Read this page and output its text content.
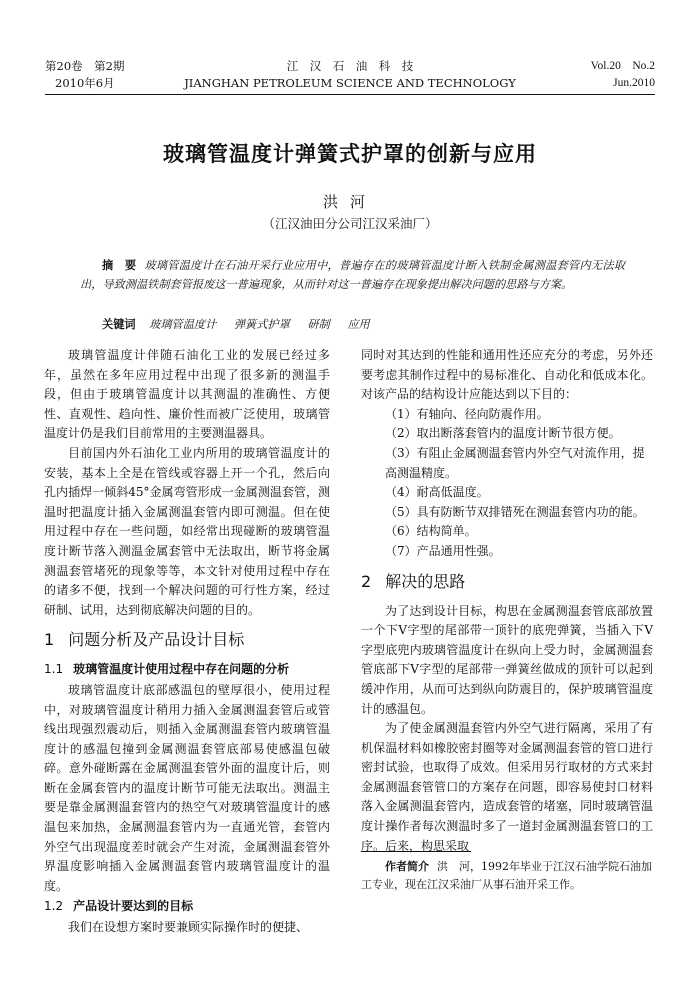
第20卷　第2期
2010年6月
江　汉　石　油　科　技
JIANGHAN PETROLEUM SCIENCE AND TECHNOLOGY
Vol.20　No.2
Jun.2010
玻璃管温度计弹簧式护罩的创新与应用
洪河
（江汉油田分公司江汉采油厂）
摘　要 玻璃管温度计在石油开采行业应用中，普遍存在的玻璃管温度计断入铁制金属测温套管内无法取出，导致测温铁制套管报废这一普遍现象，从而针对这一普遍存在现象提出解决问题的思路与方案。
关键词 玻璃管温度计 弹簧式护罩 研制 应用

玻璃管温度计伴随石油化工业的发展已经过多年，虽然在多年应用过程中出现了很多新的测温手段，但由于玻璃管温度计以其测温的准确性、方便性、直观性、趋向性、廉价性而被广泛使用，玻璃管温度计仍是我们目前常用的主要测温器具。

目前国内外石油化工业内所用的玻璃管温度计的安装，基本上全是在管线或容器上开一个孔，然后向孔内插焊一倾斜45°金属弯管形成一金属测温套管，测温时把温度计插入金属测温套管内即可测温。但在使用过程中存在一些问题，如经常出现碰断的玻璃管温度计断节落入测温金属套管中无法取出，断节将金属测温套管堵死的现象等等，本文针对使用过程中存在的诸多不便，找到一个解决问题的可行性方案，经过研制、试用，达到彻底解决问题的目的。

1 问题分析及产品设计目标
1.1 玻璃管温度计使用过程中存在问题的分析

玻璃管温度计底部感温包的壁厚很小，使用过程中，对玻璃管温度计稍用力插入金属测温套管后或管线出现强烈震动后，则插入金属测温套管内玻璃管温度计的感温包撞到金属测温套管底部易使感温包破碎。意外碰断露在金属测温套管外面的温度计后，则断在金属套管内的温度计断节可能无法取出。测温主要是靠金属测温套管内的热空气对玻璃管温度计的感温包来加热，金属测温套管内为一直通光管，套管内外空气出现温度差时就会产生对流，金属测温套管外界温度影响插入金属测温套管内玻璃管温度计的温度。

1.2 产品设计要达到的目标

我们在设想方案时要兼顾实际操作时的便捷、

同时对其达到的性能和通用性还应充分的考虑，另外还要考虑其制作过程中的易标准化、自动化和低成本化。对该产品的结构设计应能达到以下目的：

（1）有轴向、径向防震作用。

（2）取出断落套管内的温度计断节很方便。

（3）有阻止金属测温套管内外空气对流作用，提高测温精度。

（4）耐高低温度。

（5）具有防断节双排错死在测温套管内功的能。

（6）结构简单。

（7）产品通用性强。

2 解决的思路

为了达到设计目标，构思在金属测温套管底部放置一个下V字型的尾部带一顶针的底兜弹簧，当插入下V字型底兜内玻璃管温度计在纵向上受力时，金属测温套管底部下V字型的尾部带一弹簧丝做成的顶针可以起到缓冲作用，从而可达到纵向防震目的，保护玻璃管温度计的感温包。

为了使金属测温套管内外空气进行隔离，采用了有机保温材料如橡胶密封圈等对金属测温套管的管口进行密封试验，也取得了成效。但采用另行取材的方式来封金属测温套管管口的方案存在问题，即容易使封口材料落入金属测温套管内，造成套管的堵塞，同时玻璃管温度计操作者每次测温时多了一道封金属测温套管口的工序。后来，构思采取

作者简介 洪　河，1992年毕业于江汉石油学院石油加工专业，现在江汉采油厂从事石油开采工作。
